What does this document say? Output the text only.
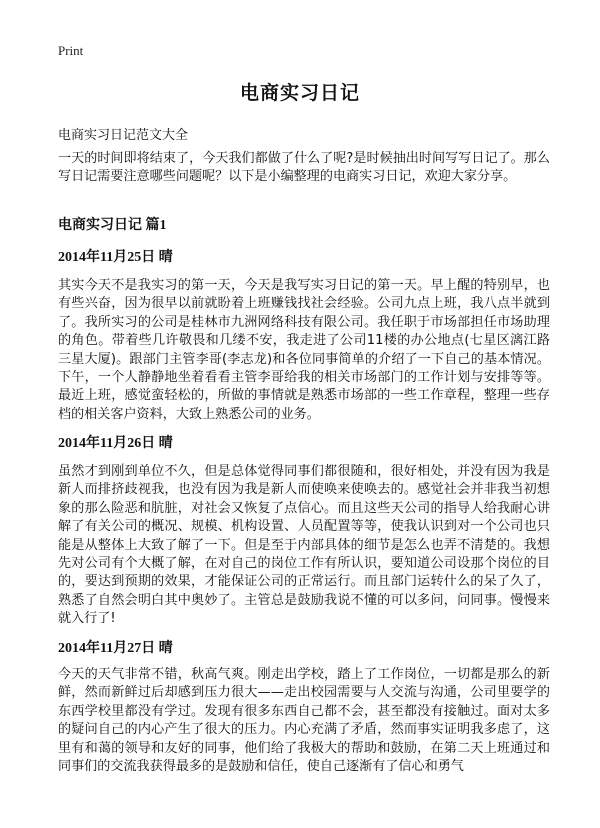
Print
电商实习日记
电商实习日记范文大全
一天的时间即将结束了，今天我们都做了什么了呢?是时候抽出时间写写日记了。那么写日记需要注意哪些问题呢？以下是小编整理的电商实习日记，欢迎大家分享。
电商实习日记 篇1
2014年11月25日 晴
其实今天不是我实习的第一天，今天是我写实习日记的第一天。早上醒的特别早，也有些兴奋，因为很早以前就盼着上班赚钱找社会经验。公司九点上班，我八点半就到了。我所实习的公司是桂林市九洲网络科技有限公司。我任职于市场部担任市场助理的角色。带着些几许敬畏和几缕不安，我走进了公司11楼的办公地点(七星区漓江路三星大厦)。跟部门主管李哥(李志龙)和各位同事简单的介绍了一下自己的基本情况。下午，一个人静静地坐着看看主管李哥给我的相关市场部门的工作计划与安排等等。最近上班，感觉蛮轻松的，所做的事情就是熟悉市场部的一些工作章程，整理一些存档的相关客户资料，大致上熟悉公司的业务。
2014年11月26日 晴
虽然才到刚到单位不久，但是总体觉得同事们都很随和，很好相处，并没有因为我是新人而排挤歧视我，也没有因为我是新人而使唤来使唤去的。感觉社会并非我当初想象的那么险恶和肮脏，对社会又恢复了点信心。而且这些天公司的指导人给我耐心讲解了有关公司的概况、规模、机构设置、人员配置等等，使我认识到对一个公司也只能是从整体上大致了解了一下。但是至于内部具体的细节是怎么也弄不清楚的。我想先对公司有个大概了解，在对自己的岗位工作有所认识，要知道公司设那个岗位的目的，要达到预期的效果，才能保证公司的正常运行。而且部门运转什么的呆了久了，熟悉了自然会明白其中奥妙了。主管总是鼓励我说不懂的可以多问，问同事。慢慢来就入行了!
2014年11月27日 晴
今天的天气非常不错，秋高气爽。刚走出学校，踏上了工作岗位，一切都是那么的新鲜，然而新鲜过后却感到压力很大——走出校园需要与人交流与沟通，公司里要学的东西学校里都没有学过。发现有很多东西自己都不会，甚至都没有接触过。面对太多的疑问自己的内心产生了很大的压力。内心充满了矛盾，然而事实证明我多虑了，这里有和蔼的领导和友好的同事，他们给了我极大的帮助和鼓励，在第二天上班通过和同事们的交流我获得最多的是鼓励和信任，使自己逐渐有了信心和勇气
